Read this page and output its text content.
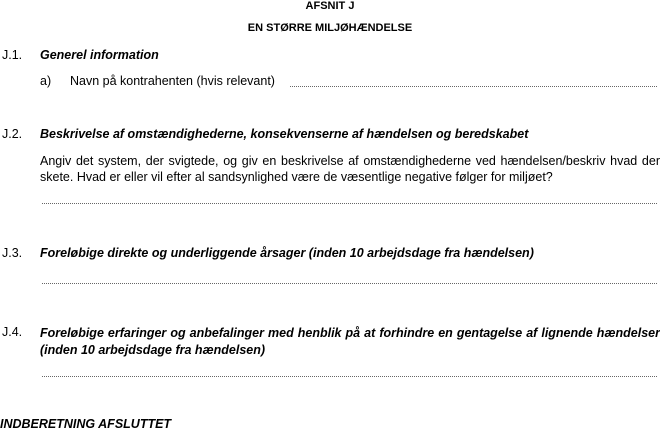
AFSNIT J
EN STØRRE MILJØHÆNDELSE
J.1. Generel information
a) Navn på kontrahenten (hvis relevant)
J.2. Beskrivelse af omstændighederne, konsekvenserne af hændelsen og beredskabet
Angiv det system, der svigtede, og giv en beskrivelse af omstændighederne ved hændelsen/beskriv hvad der skete. Hvad er eller vil efter al sandsynlighed være de væsentlige negative følger for miljøet?
J.3. Foreløbige direkte og underliggende årsager (inden 10 arbejdsdage fra hændelsen)
J.4. Foreløbige erfaringer og anbefalinger med henblik på at forhindre en gentagelse af lignende hændelser (inden 10 arbejdsdage fra hændelsen)
INDBERETNING AFSLUTTET
